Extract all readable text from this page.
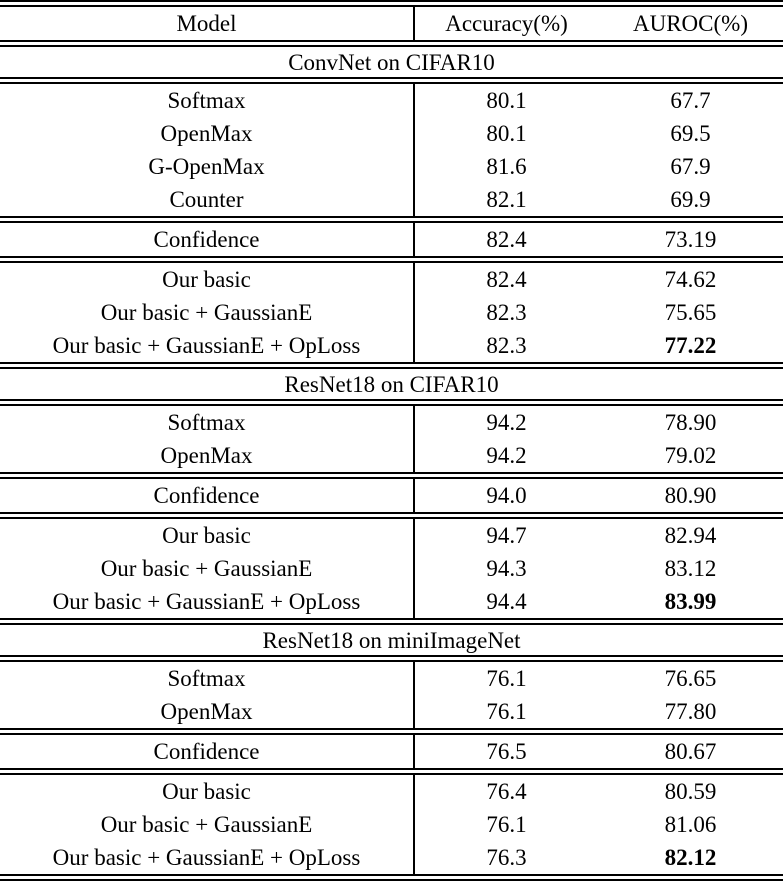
Model	Accuracy(%)	AUROC(%)

ConvNet on CIFAR10		

Softmax	80.1	67.7
OpenMax	80.1	69.5
G-OpenMax	81.6	67.9
Counter	82.1	69.9

Confidence	82.4	73.19

Our basic	82.4	74.62
Our basic + GaussianE	82.3	75.65
Our basic + GaussianE + OpLoss	82.3	77.22

ResNet18 on CIFAR10		

Softmax	94.2	78.90
OpenMax	94.2	79.02

Confidence	94.0	80.90

Our basic	94.7	82.94
Our basic + GaussianE	94.3	83.12
Our basic + GaussianE + OpLoss	94.4	83.99

ResNet18 on miniImageNet		

Softmax	76.1	76.65
OpenMax	76.1	77.80

Confidence	76.5	80.67

Our basic	76.4	80.59
Our basic + GaussianE	76.1	81.06
Our basic + GaussianE + OpLoss	76.3	82.12
